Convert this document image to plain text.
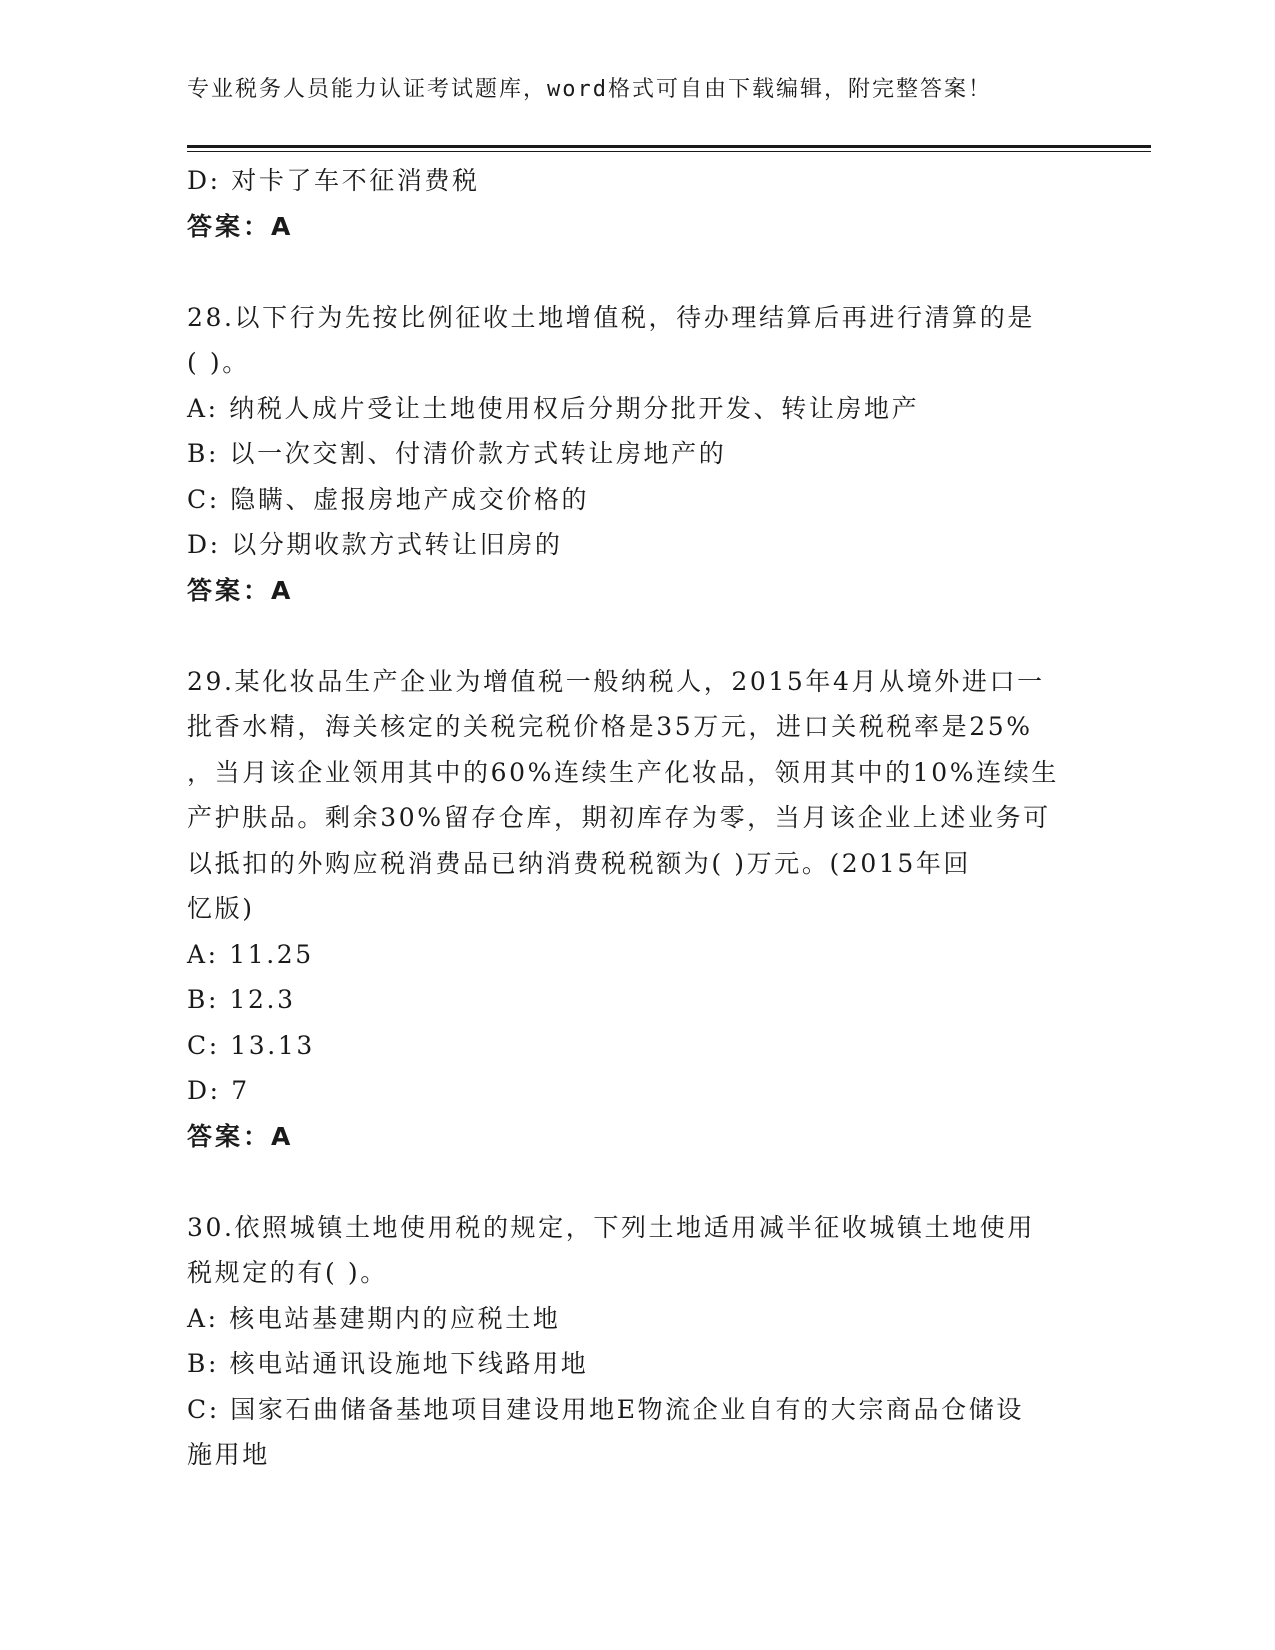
专业税务人员能力认证考试题库，word格式可自由下载编辑，附完整答案！
D: 对卡了车不征消费税
答案：A
28.以下行为先按比例征收土地增值税，待办理结算后再进行清算的是
( )。
A: 纳税人成片受让土地使用权后分期分批开发、转让房地产
B: 以一次交割、付清价款方式转让房地产的
C: 隐瞒、虚报房地产成交价格的
D: 以分期收款方式转让旧房的
答案：A
29.某化妆品生产企业为增值税一般纳税人，2015年4月从境外进口一
批香水精，海关核定的关税完税价格是35万元，进口关税税率是25%
，当月该企业领用其中的60%连续生产化妆品，领用其中的10%连续生
产护肤品。剩余30%留存仓库，期初库存为零，当月该企业上述业务可
以抵扣的外购应税消费品已纳消费税税额为( )万元。(2015年回
忆版)
A: 11.25
B: 12.3
C: 13.13
D: 7
答案：A
30.依照城镇土地使用税的规定，下列土地适用减半征收城镇土地使用
税规定的有( )。
A: 核电站基建期内的应税土地
B: 核电站通讯设施地下线路用地
C: 国家石曲储备基地项目建设用地E物流企业自有的大宗商品仓储设
施用地
